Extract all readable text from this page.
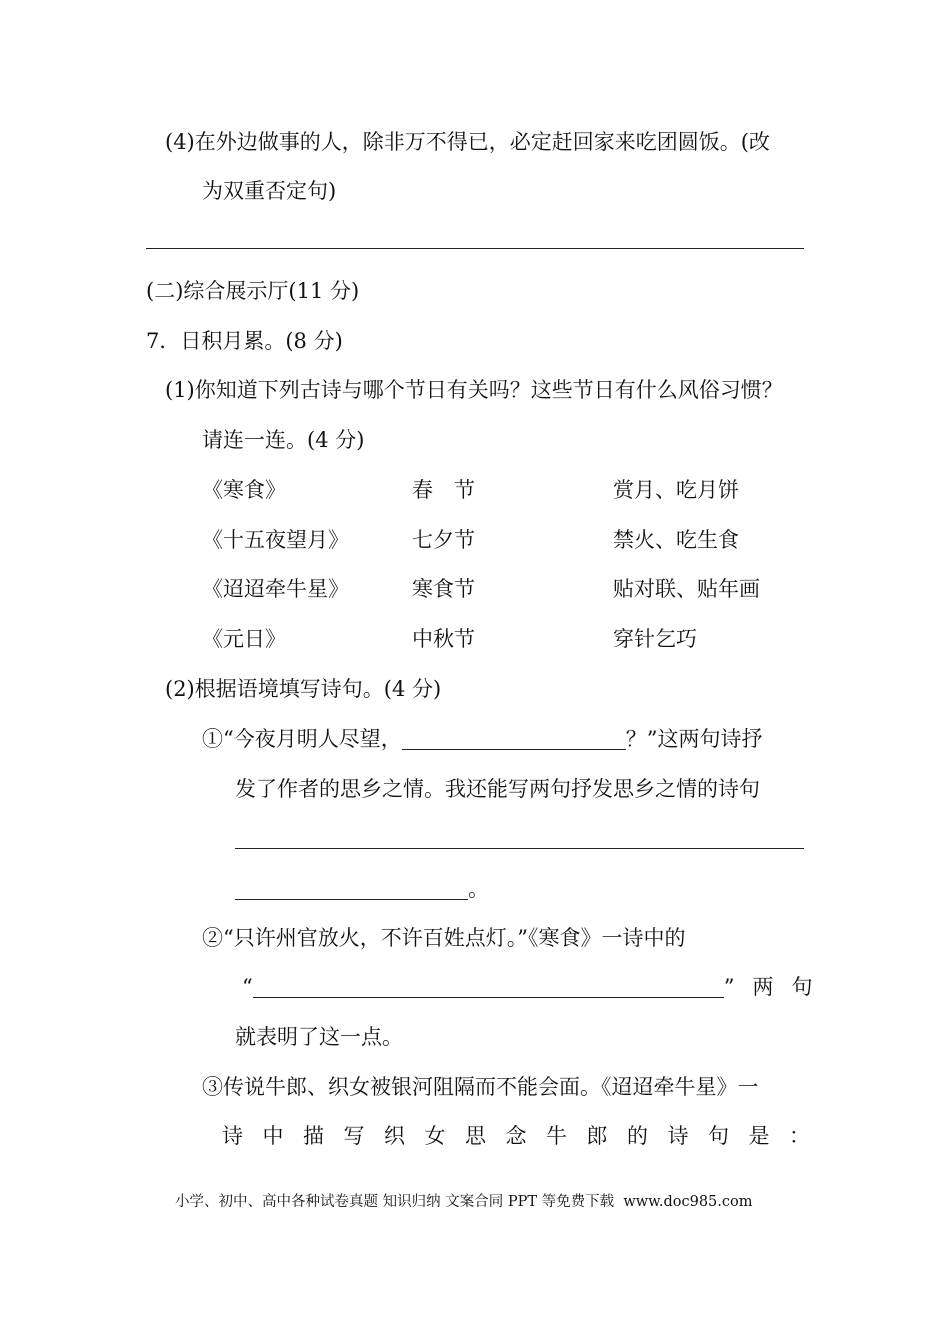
(4)在外边做事的人，除非万不得已，必定赶回家来吃团圆饭。(改
为双重否定句)
(二)综合展示厅(11 分)
7．日积月累。(8 分)
(1)你知道下列古诗与哪个节日有关吗？这些节日有什么风俗习惯？
请连一连。(4 分)
《寒食》	春　节	赏月、吃月饼
《十五夜望月》	七夕节	禁火、吃生食
《迢迢牵牛星》	寒食节	贴对联、贴年画
《元日》	中秋节	穿针乞巧
(2)根据语境填写诗句。(4 分)
①“今夜月明人尽望，	？”这两句诗抒
发了作者的思乡之情。我还能写两句抒发思乡之情的诗句
。
②“只许州官放火，不许百姓点灯。”《寒食》一诗中的
“	”两句
就表明了这一点。
③传说牛郎、织女被银河阻隔而不能会面。《迢迢牵牛星》一
诗中描写织女思念牛郎的诗句是：
小学、初中、高中各种试卷真题 知识归纳 文案合同 PPT 等免费下载 www.doc985.com
